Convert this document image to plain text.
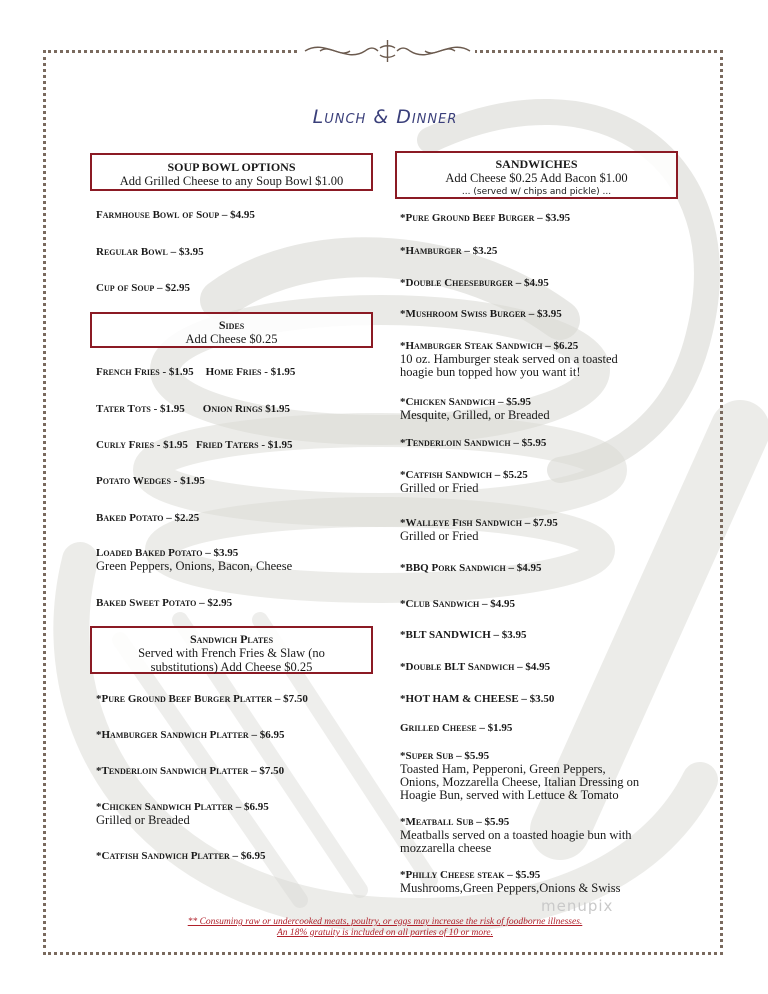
Lunch & Dinner
SOUP BOWL OPTIONS
Add Grilled Cheese to any Soup Bowl $1.00
Farmhouse Bowl of Soup – $4.95
Regular Bowl – $3.95
Cup of Soup – $2.95
Sides
Add Cheese $0.25
French Fries - $1.95 Home Fries - $1.95
Tater Tots - $1.95 Onion Rings $1.95
Curly Fries - $1.95 Fried Taters - $1.95
Potato Wedges - $1.95
Baked Potato – $2.25
Loaded Baked Potato – $3.95
Green Peppers, Onions, Bacon, Cheese
Baked Sweet Potato – $2.95
Sandwich Plates
Served with French Fries & Slaw (no
substitutions) Add Cheese $0.25
*Pure Ground Beef Burger Platter – $7.50
*Hamburger Sandwich Platter – $6.95
*Tenderloin Sandwich Platter – $7.50
*Chicken Sandwich Platter – $6.95
Grilled or Breaded
*Catfish Sandwich Platter – $6.95
SANDWICHES
Add Cheese $0.25 Add Bacon $1.00
... (served w/ chips and pickle) ...
*Pure Ground Beef Burger – $3.95
*Hamburger – $3.25
*Double Cheeseburger – $4.95
*Mushroom Swiss Burger – $3.95
*Hamburger Steak Sandwich – $6.25
10 oz. Hamburger steak served on a toasted
hoagie bun topped how you want it!
*Chicken Sandwich – $5.95
Mesquite, Grilled, or Breaded
*Tenderloin Sandwich – $5.95
*Catfish Sandwich – $5.25
Grilled or Fried
*Walleye Fish Sandwich – $7.95
Grilled or Fried
*BBQ Pork Sandwich – $4.95
*Club Sandwich – $4.95
*BLT SANDWICH – $3.95
*Double BLT Sandwich – $4.95
*HOT HAM & CHEESE – $3.50
Grilled Cheese – $1.95
*Super Sub – $5.95
Toasted Ham, Pepperoni, Green Peppers,
Onions, Mozzarella Cheese, Italian Dressing on
Hoagie Bun, served with Lettuce & Tomato
*Meatball Sub – $5.95
Meatballs served on a toasted hoagie bun with
mozzarella cheese
*Philly Cheese steak – $5.95
Mushrooms,Green Peppers,Onions & Swiss
menupix
** Consuming raw or undercooked meats, poultry, or eggs may increase the risk of foodborne illnesses.
An 18% gratuity is included on all parties of 10 or more.
